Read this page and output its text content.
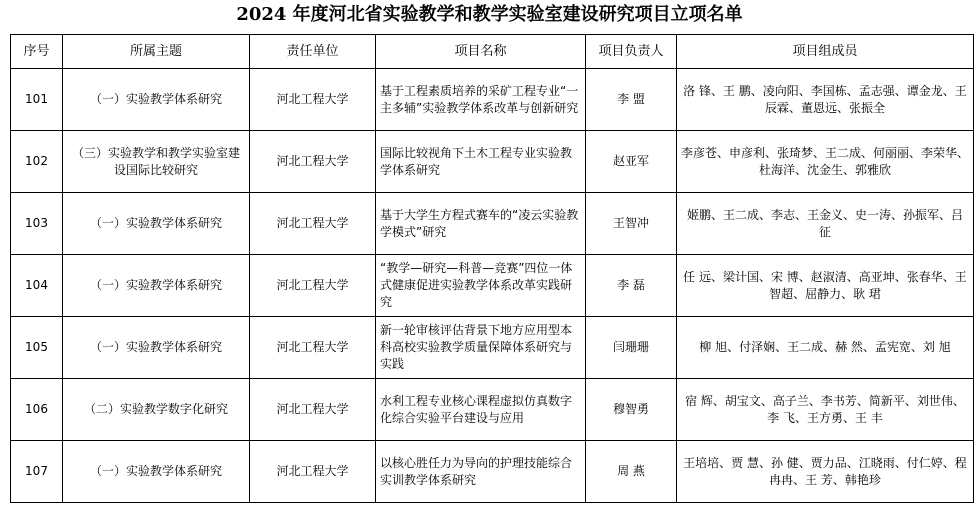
2024 年度河北省实验教学和教学实验室建设研究项目立项名单
序号	所属主题	责任单位	项目名称	项目负责人	项目组成员
101	（一）实验教学体系研究	河北工程大学	基于工程素质培养的采矿工程专业“一主多辅”实验教学体系改革与创新研究	李 盟	洛 锋、王 鹏、凌向阳、李国栋、孟志强、谭金龙、王辰霖、董恩远、张振全
102	（三）实验教学和教学实验室建设国际比较研究	河北工程大学	国际比较视角下土木工程专业实验教学体系研究	赵亚军	李彦苍、申彦利、张琦梦、王二成、何丽丽、李荣华、杜海洋、沈金生、郭雅欣
103	（一）实验教学体系研究	河北工程大学	基于大学生方程式赛车的“凌云实验教学模式”研究	王智冲	姬鹏、王二成、李志、王金义、史一涛、孙振军、吕 征
104	（一）实验教学体系研究	河北工程大学	“教学—研究—科普—竞赛”四位一体式健康促进实验教学体系改革实践研究	李 磊	任 远、梁计国、宋 博、赵淑清、高亚坤、张春华、王智超、屈静力、耿 珺
105	（一）实验教学体系研究	河北工程大学	新一轮审核评估背景下地方应用型本科高校实验教学质量保障体系研究与实践	闫珊珊	柳 旭、付泽娴、王二成、赫 然、孟宪宽、刘 旭
106	（二）实验教学数字化研究	河北工程大学	水利工程专业核心课程虚拟仿真数字化综合实验平台建设与应用	穆智勇	宿 辉、胡宝文、高子兰、李书芳、简新平、刘世伟、李 飞、王方勇、王 丰
107	（一）实验教学体系研究	河北工程大学	以核心胜任力为导向的护理技能综合实训教学体系研究	周 燕	王培培、贾 慧、孙 健、贾力品、江晓雨、付仁婷、程冉冉、王 芳、韩艳珍
